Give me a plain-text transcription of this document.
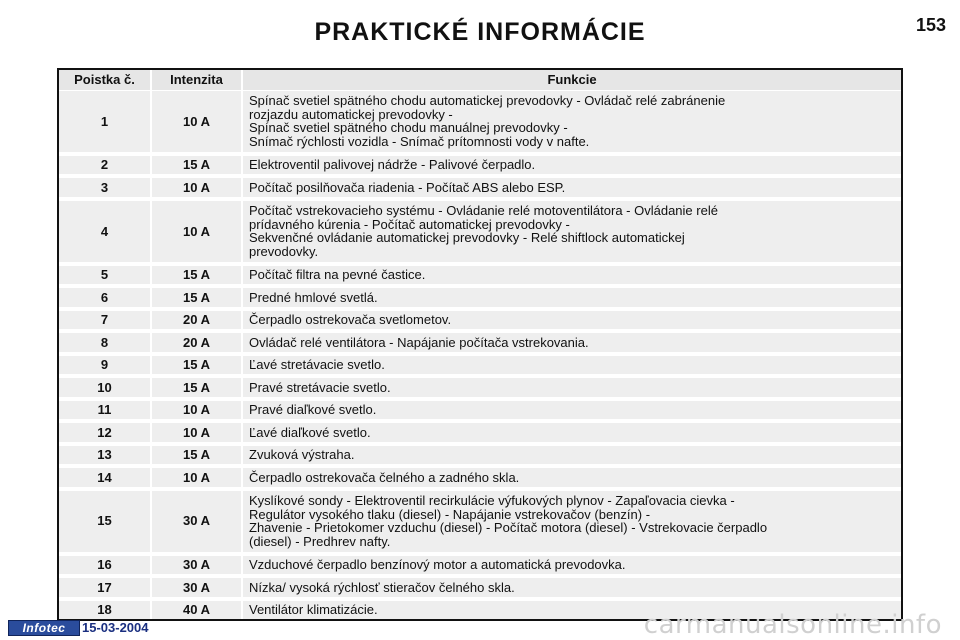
PRAKTICKÉ INFORMÁCIE	153
Poistka č.	Intenzita	Funkcie
1	10 A	Spínač svetiel spätného chodu automatickej prevodovky - Ovládač relé zabránenie
rozjazdu automatickej prevodovky -
Spínač svetiel spätného chodu manuálnej prevodovky -
Snímač rýchlosti vozidla - Snímač prítomnosti vody v nafte.
2	15 A	Elektroventil palivovej nádrže - Palivové čerpadlo.
3	10 A	Počítač posilňovača riadenia - Počítač ABS alebo ESP.
4	10 A	Počítač vstrekovacieho systému - Ovládanie relé motoventilátora - Ovládanie relé
prídavného kúrenia - Počítač automatickej prevodovky -
Sekvenčné ovládanie automatickej prevodovky - Relé shiftlock automatickej
prevodovky.
5	15 A	Počítač filtra na pevné častice.
6	15 A	Predné hmlové svetlá.
7	20 A	Čerpadlo ostrekovača svetlometov.
8	20 A	Ovládač relé ventilátora - Napájanie počítača vstrekovania.
9	15 A	Ľavé stretávacie svetlo.
10	15 A	Pravé stretávacie svetlo.
11	10 A	Pravé diaľkové svetlo.
12	10 A	Ľavé diaľkové svetlo.
13	15 A	Zvuková výstraha.
14	10 A	Čerpadlo ostrekovača čelného a zadného skla.
15	30 A	Kyslíkové sondy - Elektroventil recirkulácie výfukových plynov - Zapaľovacia cievka -
Regulátor vysokého tlaku (diesel) - Napájanie vstrekovačov (benzín) -
Zhavenie - Prietokomer vzduchu (diesel) - Počítač motora (diesel) - Vstrekovacie čerpadlo
(diesel) - Predhrev nafty.
16	30 A	Vzduchové čerpadlo benzínový motor a automatická prevodovka.
17	30 A	Nízka/ vysoká rýchlosť stieračov čelného skla.
18	40 A	Ventilátor klimatizácie.
Infotec	15-03-2004	carmanualsonline.info
